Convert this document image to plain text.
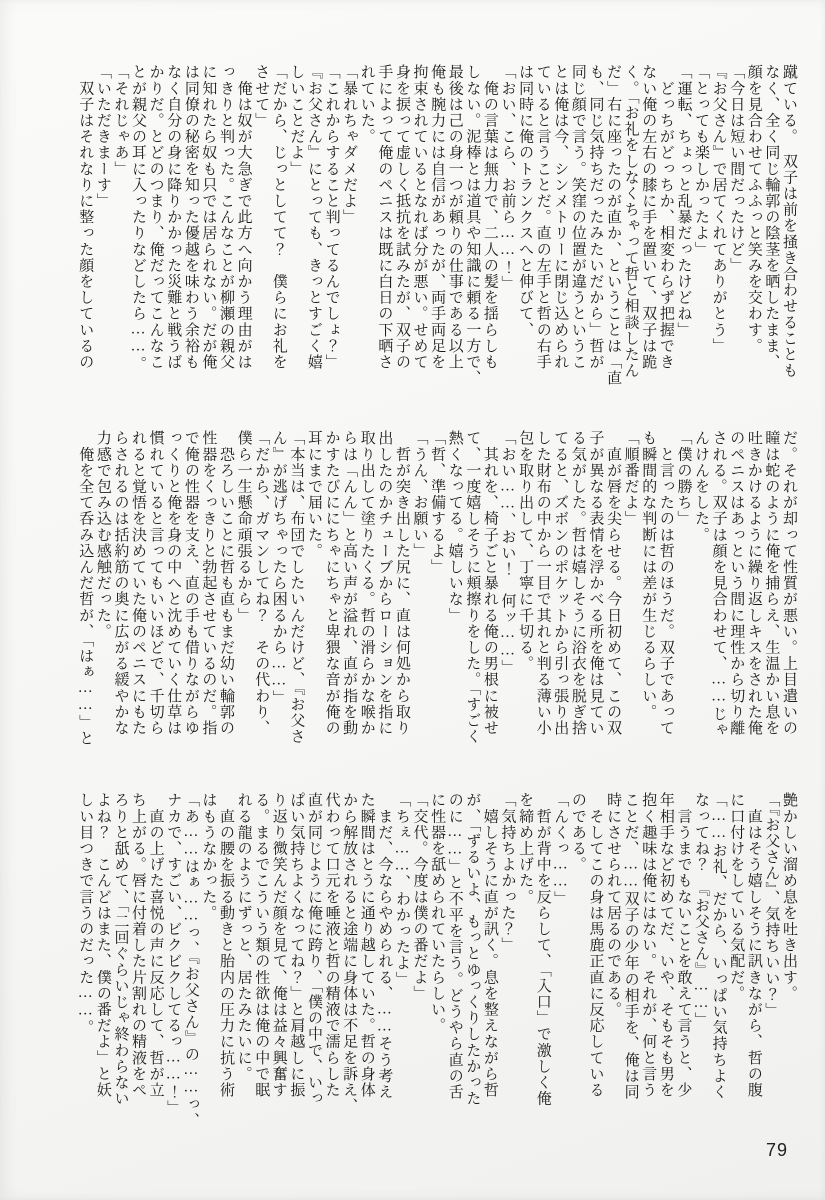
蹴ている。　双子は前を掻き合わせることも
なく、全く同じ輪郭の陰茎を晒したまま、
顔を見合わせてふふっと笑みを交わす。
「今日は短い間だったけど」
『お父さん』で居てくれてありがとう」
「とっても楽しかったよ」
「運転、ちょっと乱暴だったけどね」
　どっちがどっちか、相変わらず把握でき
ない俺の左右の膝に手を置いて、双子は跪
く。「お礼をしなくちゃって哲と相談したん
だ」右に座ったのが直か、ということは「直
も、同じ気持ちだったみたいだから」哲が
同じ顔で言う。笑窪の位置が違うというこ
とは俺は今、シンメトリーに閉じ込められ
ていると言うことだ。直の左手と哲の右手
は同時に俺のトランクスへと伸びて、
「おい、こら、お前ら……！」
　俺の言葉は無力で、二人の髪を揺らしも
しない。泥棒とは道具や知識に頼る一方で、
最後は己の身一つが頼りの仕事である以上
俺も腕力には自信があったが、両手両足を
拘束されているとなれば分が悪い。せめて
身を捩って虚しく抵抗を試みたが、双子の
手によって俺のペニスは既に白日の下晒さ
れていた。
「暴れちゃダメだよ」
「これからすること判ってるんでしょ？」
『お父さん』にとっても、きっとすごく嬉
しいことだよ」
「だから、じっとしてて？　僕らにお礼を
させて」
　俺は奴が大急ぎで此方へ向かう理由がは
っきりと判った。こんなことが柳瀬の親父
に知れたら奴も只では居られない。だが俺
は同僚の秘密を知った優越を味わう余裕も
なく自分の身に降りかかった災難と戦うば
かりだ。とどのつまり、俺だってこんなこ
とが親父の耳に入ったりなどしたら……。
「それじゃあ」
「いただきまーす」
　双子はそれなりに整った顔をしているの
だ。それが却って性質が悪い。上目遣いの
瞳は蛇のように俺を捕らえ、生温かい息を
吐きかけるように繰り返しキスをされた俺
のペニスはあっという間に理性から切り離
される。双子は顔を見合わせて、……じゃ
んけんをした。
「僕の勝ち」
　と言ったのは哲のほうだ。双子であって
も瞬間的な判断には差が生じるらしい。
「順番だよ」
　直が唇を尖らせる。今日初めて、この双
子が異なる表情を浮かべる所を俺は見てい
る気がした。哲は嬉しそうに浴衣を脱ぎ捨
てると、ズボンのポケットから引っ張り出
した財布の中から一目で其れと判る薄い小
包を取り出して、丁寧に千切る。
「おい……、おい！　何ッ……」
　其れを、椅子ごと暴れる俺の男根に被せ
て、一度嬉しそうに頬擦りをした。「すごく
熱くなってる。嬉しいな」
「哲、準備するよ」
「うん、お願い」
　哲が突き出した尻に、直は何処から取り
出したのかチューブからローションを指に
取り出して塗りたくる。哲の滑らかな喉か
らは「んん」と高い声が溢れ、直が指を動
かすたびににちゃにちゃと卑猥な音が俺の
耳にまで届いた。
「本当は、布団でしたいんだけど、『お父さ
ん』が逃げちゃったら困るから……」
「だから、ガマンしてね？　その代わり、
僕ら一生懸命頑張るから」
　恐ろしいことに哲も直もまだ幼い輪郭の
性器をくっきりと勃起させているのだ。指
で俺の性器を支え、直の手も借りながらゆ
っくりと俺を身の中へと沈めていく仕草は
慣れていると言ってもいいほどで、千切ら
れると覚悟を決めていた俺のペニスにもた
らされるのは括約筋の奥に広がる緩やかな
力感で包み込む感触だった。
　俺を全て呑み込んだ哲が、「はぁ……」と
艶かしい溜め息を吐き出す。
「『お父さん』、気持ちいい？」
　直はそう嬉しそうに訊きながら、哲の腹
に口付けをしている気配だ。
「……お礼、だから、いっぱい気持ちよく
なってね？　『お父さん』……」
　言うまでもないことを敢えて言うと、少
年相手など初めてだ、いや、そもそも男を
抱く趣味は俺にはない。それが、何と言う
ことだ、……双子の少年の相手を、俺は同
時にさせられて居るのである。
　そしてこの身は馬鹿正直に反応している
のである。
「んくっ……」
　哲が背中を反らして、「入口」で激しく俺
を締め上げた。
「気持ちよかった？」
　嬉しそうに直が訊く。息を整えながら哲
が、「ずるいよ、もっとゆっくりしたかった
のに……」と不平を言う。どうやら直の舌
に性器を舐められていたらしい。
「交代。今度は僕の番だよ」
「ちぇ……、わかったよ」
　まだ、今ならやめられる、……そう考え
た瞬間はとうに通り越していた。哲の身体
から解放されると途端に身体は不足を訴え、
代わって口元を唾液と哲の精液で濡らした
直が同じように俺に跨り、「僕の中で、いっ
ぱい気持ちよくなってね？」と肩越しに振
り返り微笑んだ顔を見て、俺は益々興奮す
る。まるでこういう類の性欲は俺の中で眠
れる龍のようにずっと、居たみたいに。
　直の腰を振る動きと胎内の圧力に抗う術
はもうなかった。
「あ……はぁ……っ、『お父さん』の……っ、
ナカで、すごい、ビクビクしてるっ……！」
　直の上げた喜悦の声に反応して、哲が立
ち上がる。唇に付着した片割れの精液をぺ
ろりと舐めて、「二回ぐらいじゃ終わらない
よね？　こんどはまた、僕の番だよ」と妖
しい目つきで言うのだった……。
79
